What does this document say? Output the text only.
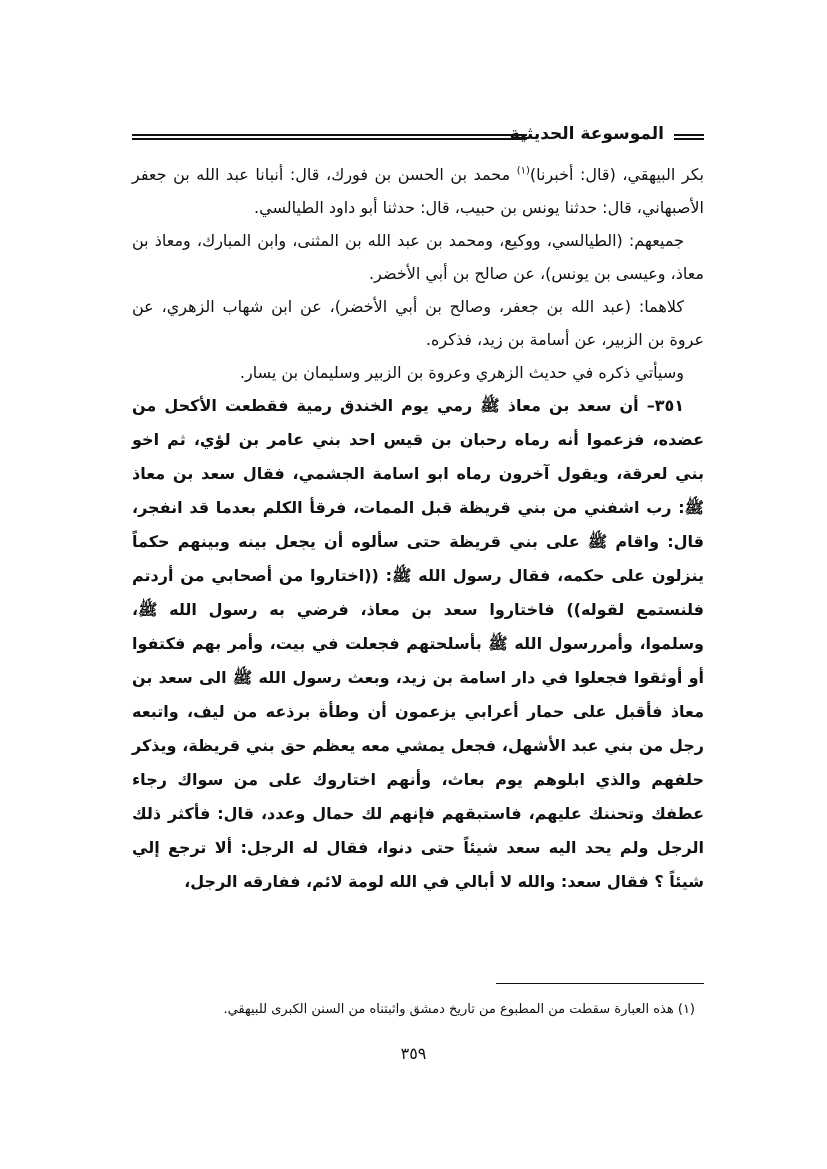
الموسوعة الحديثية

بكر البيهقي، (قال: أخبرنا)$^{(١)}$ محمد بن الحسن بن فورك، قال: أنبانا عبد الله بن جعفر الأصبهاني، قال: حدثنا يونس بن حبيب، قال: حدثنا أبو داود الطيالسي.

جميعهم: (الطيالسي، ووكيع، ومحمد بن عبد الله بن المثنى، وابن المبارك، ومعاذ بن معاذ، وعيسى بن يونس)، عن صالح بن أبي الأخضر.

كلاهما: (عبد الله بن جعفر، وصالح بن أبي الأخضر)، عن ابن شهاب الزهري، عن عروة بن الزبير، عن أسامة بن زيد، فذكره.

وسيأتي ذكره في حديث الزهري وعروة بن الزبير وسليمان بن يسار.

٣٥١– أن سعد بن معاذ ﷺ رمي يوم الخندق رمية فقطعت الأكحل من عضده، فزعموا أنه رماه رحبان بن قيس احد بني عامر بن لؤي، ثم اخو بني لعرقة، ويقول آخرون رماه ابو اسامة الجشمي، فقال سعد بن معاذ ﷺ: رب اشفني من بني قريظة قبل الممات، فرقأ الكلم بعدما قد انفجر، قال: واقام ﷺ على بني قريظة حتى سألوه أن يجعل بينه وبينهم حكماً ينزلون على حكمه، فقال رسول الله ﷺ: ((اختاروا من أصحابي من أردتم فلنستمع لقوله)) فاختاروا سعد بن معاذ، فرضي به رسول الله ﷺ، وسلموا، وأمررسول الله ﷺ بأسلحتهم فجعلت في بيت، وأمر بهم فكتفوا أو أوثقوا فجعلوا في دار اسامة بن زيد، وبعث رسول الله ﷺ الى سعد بن معاذ فأقبل على حمار أعرابي يزعمون أن وطأة برذعه من ليف، واتبعه رجل من بني عبد الأشهل، فجعل يمشي معه يعظم حق بني قريظة، ويذكر حلفهم والذي ابلوهم يوم بعاث، وأنهم اختاروك على من سواك رجاء عطفك وتحننك عليهم، فاستبقهم فإنهم لك حمال وعدد، قال: فأكثر ذلك الرجل ولم يحد اليه سعد شيئاً حتى دنوا، فقال له الرجل: ألا ترجع إلي شيئاً ؟ فقال سعد: والله لا أبالي في الله لومة لائم، ففارقه الرجل،

(١) هذه العبارة سقطت من المطبوع من تاريخ دمشق واثبتناه من السنن الكبرى للبيهقي.
٣٥٩
